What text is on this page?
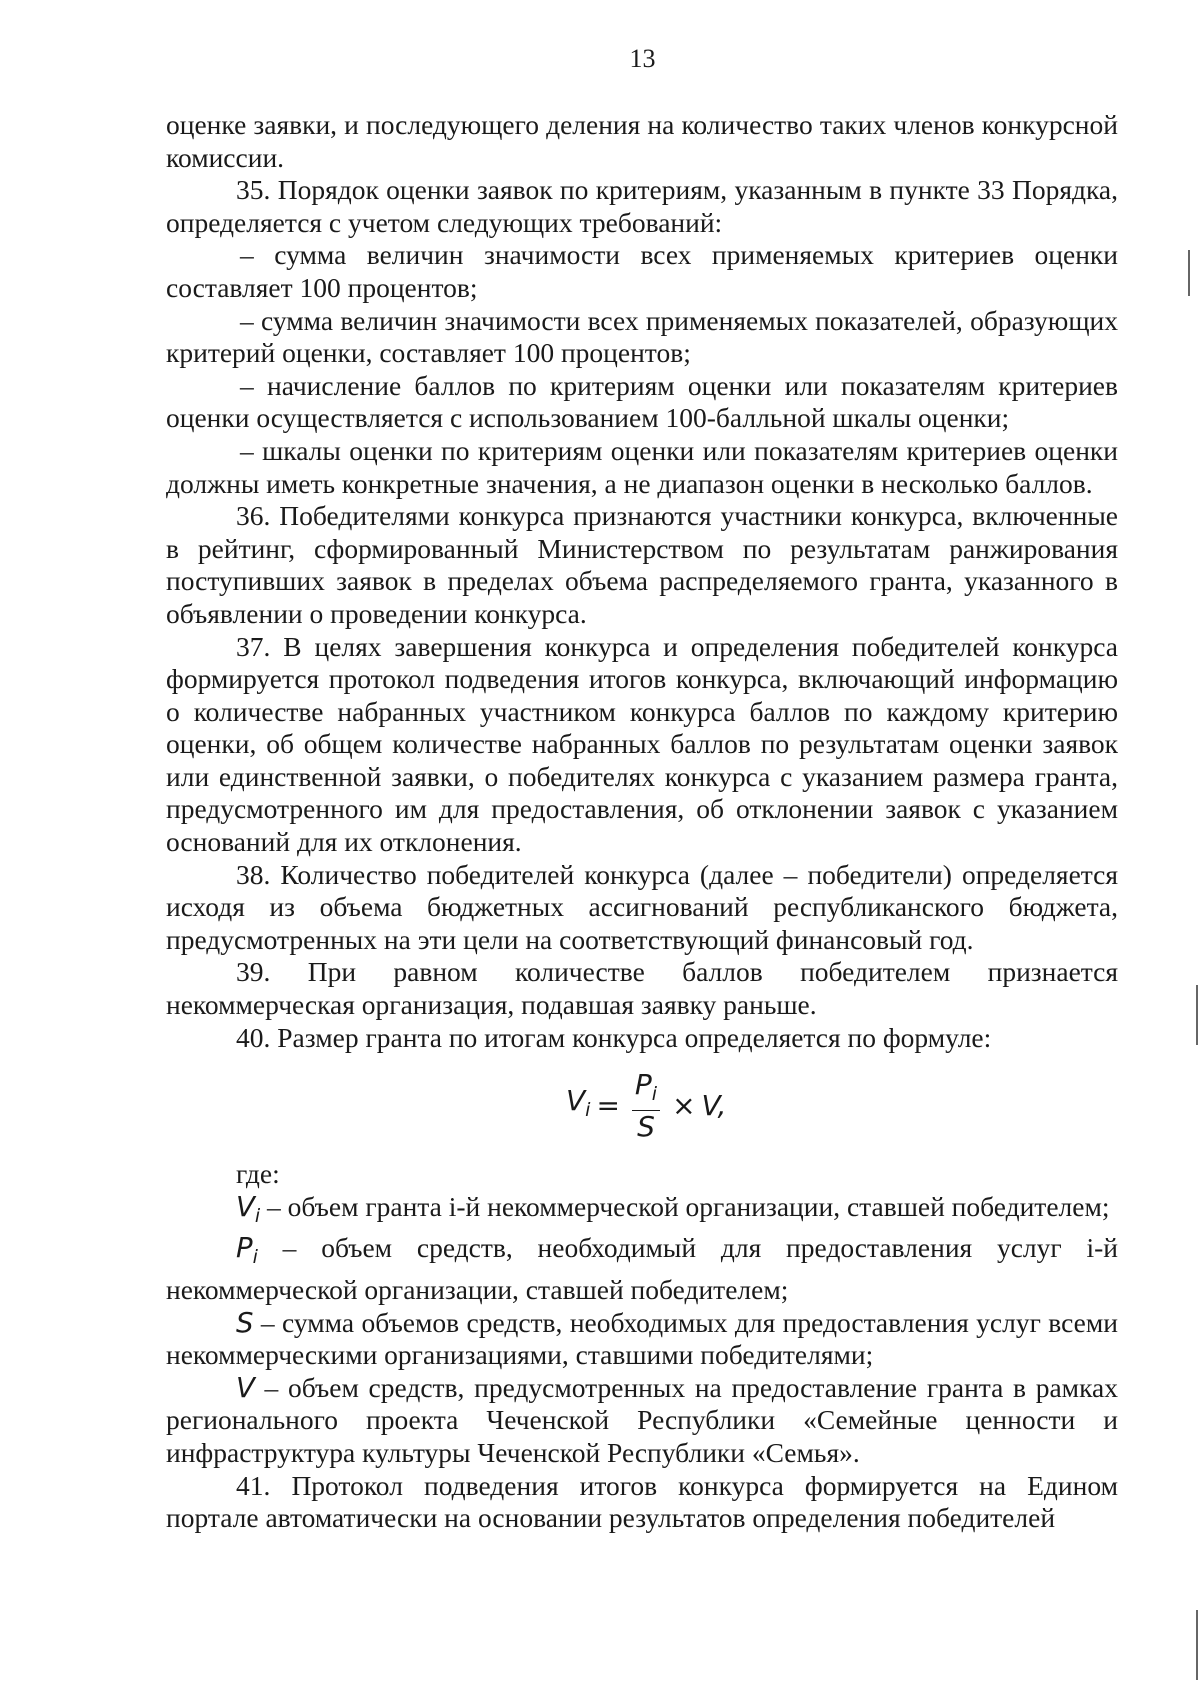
13

оценке заявки, и последующего деления на количество таких членов конкурсной комиссии.

35. Порядок оценки заявок по критериям, указанным в пункте 33 Порядка, определяется с учетом следующих требований:

– сумма величин значимости всех применяемых критериев оценки составляет 100 процентов;

– сумма величин значимости всех применяемых показателей, образующих критерий оценки, составляет 100 процентов;

– начисление баллов по критериям оценки или показателям критериев оценки осуществляется с использованием 100-балльной шкалы оценки;

– шкалы оценки по критериям оценки или показателям критериев оценки должны иметь конкретные значения, а не диапазон оценки в несколько баллов.

36. Победителями конкурса признаются участники конкурса, включенные в рейтинг, сформированный Министерством по результатам ранжирования поступивших заявок в пределах объема распределяемого гранта, указанного в объявлении о проведении конкурса.

37. В целях завершения конкурса и определения победителей конкурса формируется протокол подведения итогов конкурса, включающий информацию о количестве набранных участником конкурса баллов по каждому критерию оценки, об общем количестве набранных баллов по результатам оценки заявок или единственной заявки, о победителях конкурса с указанием размера гранта, предусмотренного им для предоставления, об отклонении заявок с указанием оснований для их отклонения.

38. Количество победителей конкурса (далее – победители) определяется исходя из объема бюджетных ассигнований республиканского бюджета, предусмотренных на эти цели на соответствующий финансовый год.

39. При равном количестве баллов победителем признается некоммерческая организация, подавшая заявку раньше.

40. Размер гранта по итогам конкурса определяется по формуле:

$V_i = \frac{P_i}{S} \times V$,

где:

$V_i$ – объем гранта i-й некоммерческой организации, ставшей победителем;

$P_i$ – объем средств, необходимый для предоставления услуг i-й некоммерческой организации, ставшей победителем;

S – сумма объемов средств, необходимых для предоставления услуг всеми некоммерческими организациями, ставшими победителями;

V – объем средств, предусмотренных на предоставление гранта в рамках регионального проекта Чеченской Республики «Семейные ценности и инфраструктура культуры Чеченской Республики «Семья».

41. Протокол подведения итогов конкурса формируется на Едином портале автоматически на основании результатов определения победителей
